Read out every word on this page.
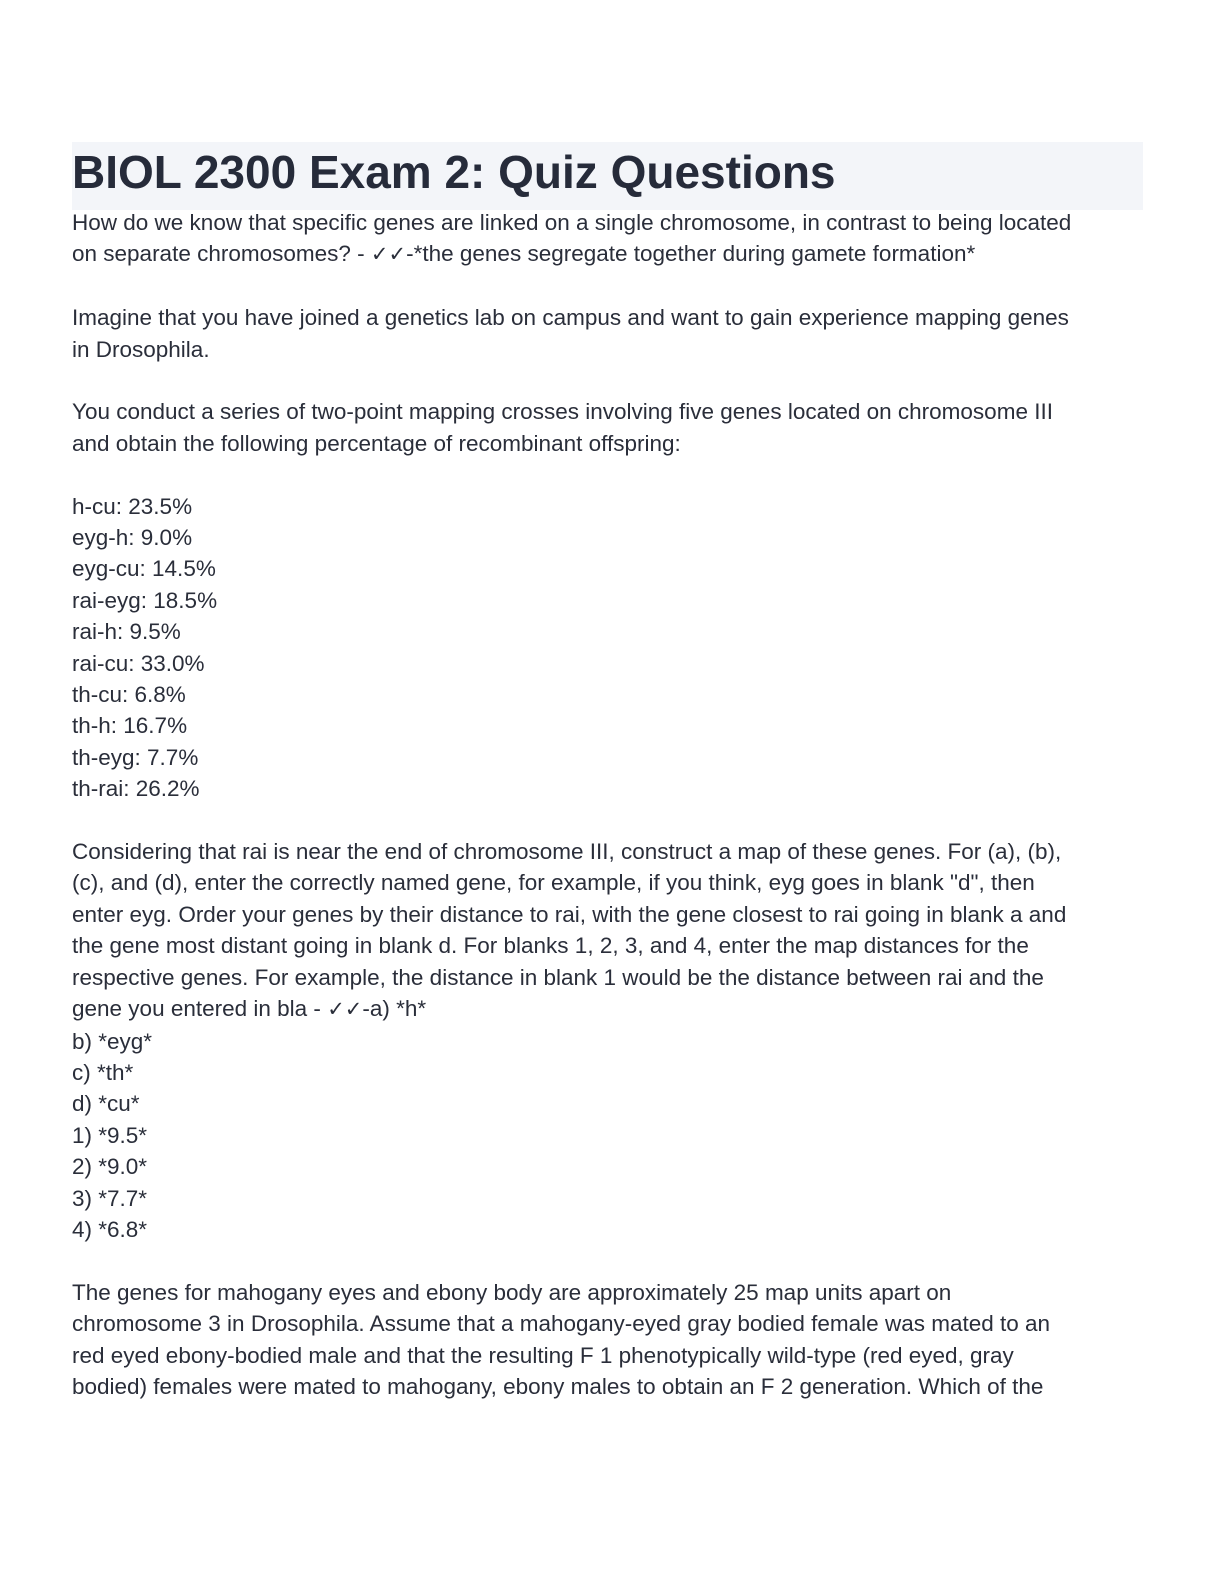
BIOL 2300 Exam 2: Quiz Questions
How do we know that specific genes are linked on a single chromosome, in contrast to being located
on separate chromosomes? - ✓✓-*the genes segregate together during gamete formation*
Imagine that you have joined a genetics lab on campus and want to gain experience mapping genes
in Drosophila.
You conduct a series of two-point mapping crosses involving five genes located on chromosome III
and obtain the following percentage of recombinant offspring:
h-cu: 23.5%
eyg-h: 9.0%
eyg-cu: 14.5%
rai-eyg: 18.5%
rai-h: 9.5%
rai-cu: 33.0%
th-cu: 6.8%
th-h: 16.7%
th-eyg: 7.7%
th-rai: 26.2%
Considering that rai is near the end of chromosome III, construct a map of these genes. For (a), (b),
(c), and (d), enter the correctly named gene, for example, if you think, eyg goes in blank "d", then
enter eyg. Order your genes by their distance to rai, with the gene closest to rai going in blank a and
the gene most distant going in blank d. For blanks 1, 2, 3, and 4, enter the map distances for the
respective genes. For example, the distance in blank 1 would be the distance between rai and the
gene you entered in bla - ✓✓-a) *h*
b) *eyg*
c) *th*
d) *cu*
1) *9.5*
2) *9.0*
3) *7.7*
4) *6.8*
The genes for mahogany eyes and ebony body are approximately 25 map units apart on
chromosome 3 in Drosophila. Assume that a mahogany-eyed gray bodied female was mated to an
red eyed ebony-bodied male and that the resulting F 1 phenotypically wild-type (red eyed, gray
bodied) females were mated to mahogany, ebony males to obtain an F 2 generation. Which of the
